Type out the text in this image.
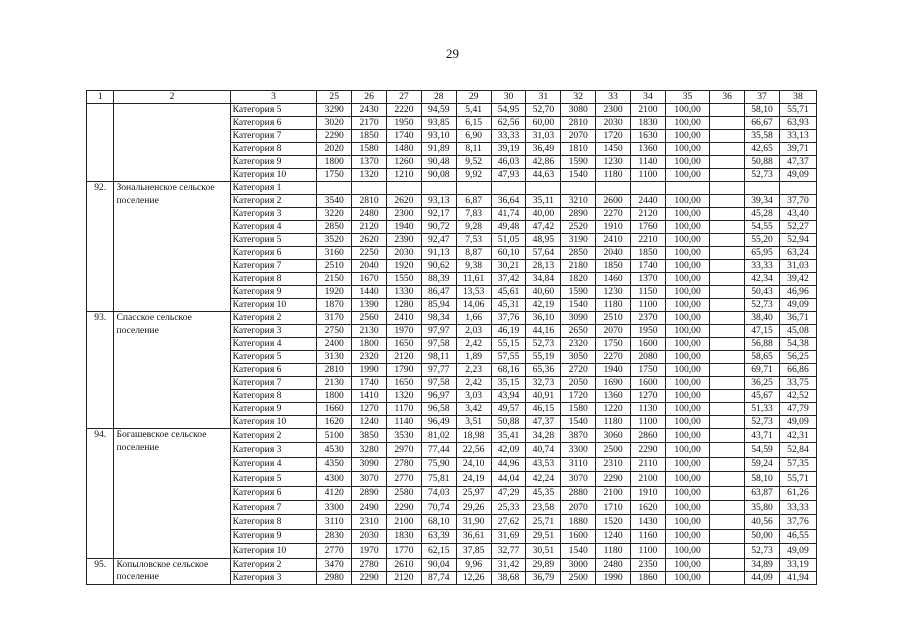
29
1	2	3	25	26	27	28	29	30	31	32	33	34	35	36	37	38
		Категория 5	3290	2430	2220	94,59	5,41	54,95	52,70	3080	2300	2100	100,00		58,10	55,71
		Категория 6	3020	2170	1950	93,85	6,15	62,56	60,00	2810	2030	1830	100,00		66,67	63,93
		Категория 7	2290	1850	1740	93,10	6,90	33,33	31,03	2070	1720	1630	100,00		35,58	33,13
		Категория 8	2020	1580	1480	91,89	8,11	39,19	36,49	1810	1450	1360	100,00		42,65	39,71
		Категория 9	1800	1370	1260	90,48	9,52	46,03	42,86	1590	1230	1140	100,00		50,88	47,37
		Категория 10	1750	1320	1210	90,08	9,92	47,93	44,63	1540	1180	1100	100,00		52,73	49,09
92.	Зональненское сельское поселение	Категория 1														
		Категория 2	3540	2810	2620	93,13	6,87	36,64	35,11	3210	2600	2440	100,00		39,34	37,70
		Категория 3	3220	2480	2300	92,17	7,83	41,74	40,00	2890	2270	2120	100,00		45,28	43,40
		Категория 4	2850	2120	1940	90,72	9,28	49,48	47,42	2520	1910	1760	100,00		54,55	52,27
		Категория 5	3520	2620	2390	92,47	7,53	51,05	48,95	3190	2410	2210	100,00		55,20	52,94
		Категория 6	3160	2250	2030	91,13	8,87	60,10	57,64	2850	2040	1850	100,00		65,95	63,24
		Категория 7	2510	2040	1920	90,62	9,38	30,21	28,13	2180	1850	1740	100,00		33,33	31,03
		Категория 8	2150	1670	1550	88,39	11,61	37,42	34,84	1820	1460	1370	100,00		42,34	39,42
		Категория 9	1920	1440	1330	86,47	13,53	45,61	40,60	1590	1230	1150	100,00		50,43	46,96
		Категория 10	1870	1390	1280	85,94	14,06	45,31	42,19	1540	1180	1100	100,00		52,73	49,09
93.	Спасское сельское поселение	Категория 2	3170	2560	2410	98,34	1,66	37,76	36,10	3090	2510	2370	100,00		38,40	36,71
		Категория 3	2750	2130	1970	97,97	2,03	46,19	44,16	2650	2070	1950	100,00		47,15	45,08
		Категория 4	2400	1800	1650	97,58	2,42	55,15	52,73	2320	1750	1600	100,00		56,88	54,38
		Категория 5	3130	2320	2120	98,11	1,89	57,55	55,19	3050	2270	2080	100,00		58,65	56,25
		Категория 6	2810	1990	1790	97,77	2,23	68,16	65,36	2720	1940	1750	100,00		69,71	66,86
		Категория 7	2130	1740	1650	97,58	2,42	35,15	32,73	2050	1690	1600	100,00		36,25	33,75
		Категория 8	1800	1410	1320	96,97	3,03	43,94	40,91	1720	1360	1270	100,00		45,67	42,52
		Категория 9	1660	1270	1170	96,58	3,42	49,57	46,15	1580	1220	1130	100,00		51,33	47,79
		Категория 10	1620	1240	1140	96,49	3,51	50,88	47,37	1540	1180	1100	100,00		52,73	49,09
94.	Богашевское сельское поселение	Категория 2	5100	3850	3530	81,02	18,98	35,41	34,28	3870	3060	2860	100,00		43,71	42,31
		Категория 3	4530	3280	2970	77,44	22,56	42,09	40,74	3300	2500	2290	100,00		54,59	52,84
		Категория 4	4350	3090	2780	75,90	24,10	44,96	43,53	3110	2310	2110	100,00		59,24	57,35
		Категория 5	4300	3070	2770	75,81	24,19	44,04	42,24	3070	2290	2100	100,00		58,10	55,71
		Категория 6	4120	2890	2580	74,03	25,97	47,29	45,35	2880	2100	1910	100,00		63,87	61,26
		Категория 7	3300	2490	2290	70,74	29,26	25,33	23,58	2070	1710	1620	100,00		35,80	33,33
		Категория 8	3110	2310	2100	68,10	31,90	27,62	25,71	1880	1520	1430	100,00		40,56	37,76
		Категория 9	2830	2030	1830	63,39	36,61	31,69	29,51	1600	1240	1160	100,00		50,00	46,55
		Категория 10	2770	1970	1770	62,15	37,85	32,77	30,51	1540	1180	1100	100,00		52,73	49,09
95.	Копыловское сельское поселение	Категория 2	3470	2780	2610	90,04	9,96	31,42	29,89	3000	2480	2350	100,00		34,89	33,19
		Категория 3	2980	2290	2120	87,74	12,26	38,68	36,79	2500	1990	1860	100,00		44,09	41,94
